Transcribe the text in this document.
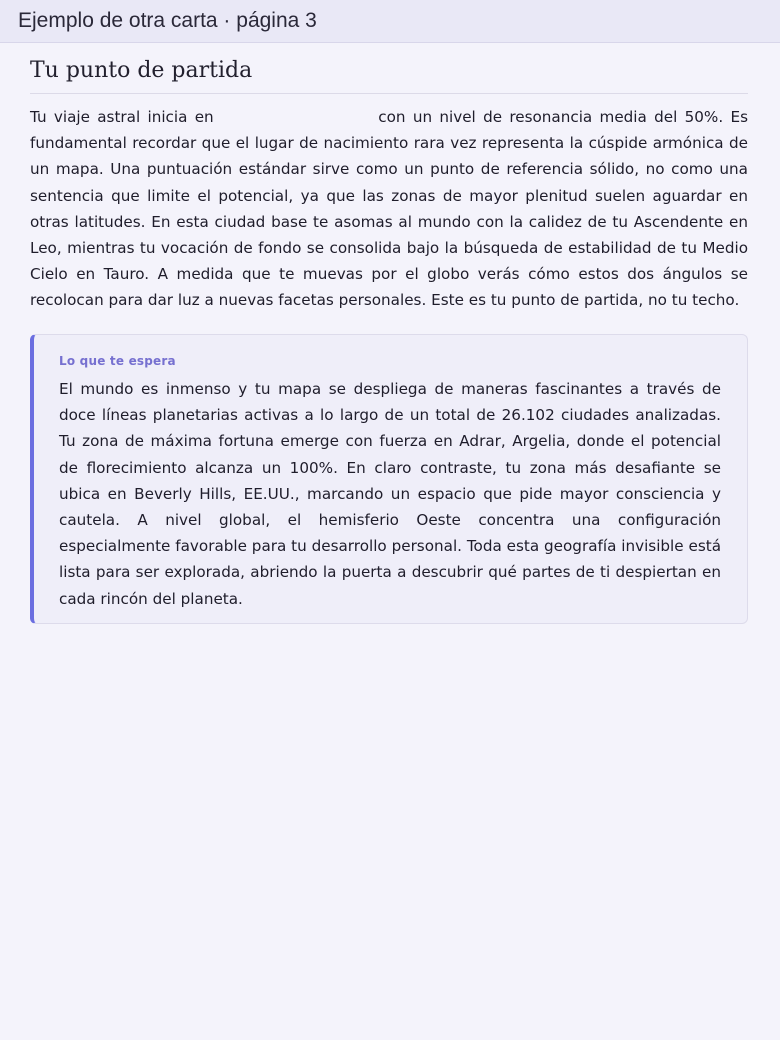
Ejemplo de otra carta · página 3
Tu punto de partida

Tu viaje astral inicia en	con un nivel de resonancia media del 50%. Es fundamental recordar que el lugar de nacimiento rara vez representa la cúspide armónica de un mapa. Una puntuación estándar sirve como un punto de referencia sólido, no como una sentencia que limite el potencial, ya que las zonas de mayor plenitud suelen aguardar en otras latitudes. En esta ciudad base te asomas al mundo con la calidez de tu Ascendente en Leo, mientras tu vocación de fondo se consolida bajo la búsqueda de estabilidad de tu Medio Cielo en Tauro. A medida que te muevas por el globo verás cómo estos dos ángulos se recolocan para dar luz a nuevas facetas personales. Este es tu punto de partida, no tu techo.

Lo que te espera
El mundo es inmenso y tu mapa se despliega de maneras fascinantes a través de doce líneas planetarias activas a lo largo de un total de 26.102 ciudades analizadas. Tu zona de máxima fortuna emerge con fuerza en Adrar, Argelia, donde el potencial de florecimiento alcanza un 100%. En claro contraste, tu zona más desafiante se ubica en Beverly Hills, EE.UU., marcando un espacio que pide mayor consciencia y cautela. A nivel global, el hemisferio Oeste concentra una configuración especialmente favorable para tu desarrollo personal. Toda esta geografía invisible está lista para ser explorada, abriendo la puerta a descubrir qué partes de ti despiertan en cada rincón del planeta.
